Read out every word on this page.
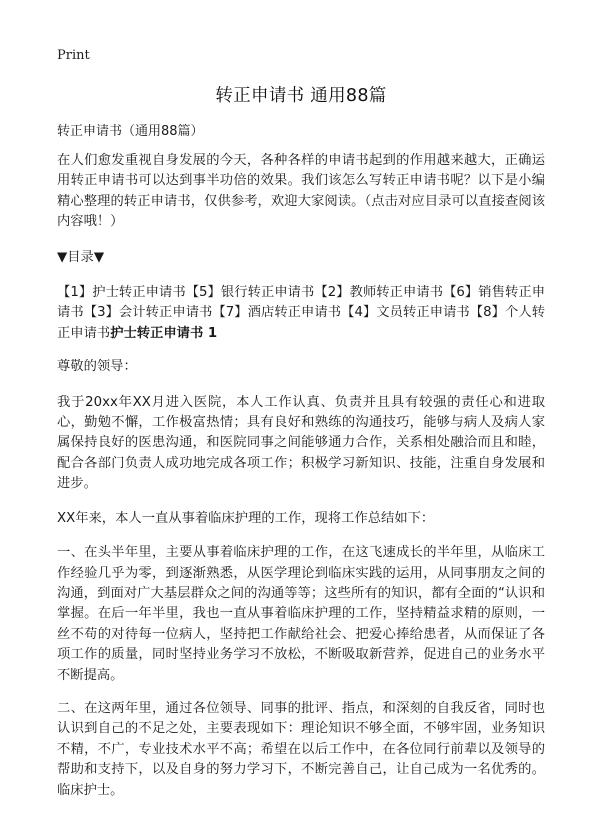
Print
转正申请书 通用88篇
转正申请书（通用88篇）

在人们愈发重视自身发展的今天，各种各样的申请书起到的作用越来越大，正确运用转正申请书可以达到事半功倍的效果。我们该怎么写转正申请书呢？以下是小编精心整理的转正申请书，仅供参考，欢迎大家阅读。（点击对应目录可以直接查阅该内容哦！）

▼目录▼

【1】护士转正申请书【5】银行转正申请书【2】教师转正申请书【6】销售转正申请书【3】会计转正申请书【7】酒店转正申请书【4】文员转正申请书【8】个人转正申请书护士转正申请书 1

尊敬的领导：

我于20xx年XX月进入医院，本人工作认真、负责并且具有较强的责任心和进取心，勤勉不懈，工作极富热情；具有良好和熟练的沟通技巧，能够与病人及病人家属保持良好的医患沟通，和医院同事之间能够通力合作，关系相处融洽而且和睦，配合各部门负责人成功地完成各项工作；积极学习新知识、技能，注重自身发展和进步。

XX年来，本人一直从事着临床护理的工作，现将工作总结如下：

一、在头半年里，主要从事着临床护理的工作，在这飞速成长的半年里，从临床工作经验几乎为零，到逐渐熟悉，从医学理论到临床实践的运用，从同事朋友之间的沟通，到面对广大基层群众之间的沟通等等；这些所有的知识，都有全面的“认识和掌握。在后一年半里，我也一直从事着临床护理的工作，坚持精益求精的原则，一丝不苟的对待每一位病人，坚持把工作献给社会、把爱心捧给患者，从而保证了各项工作的质量，同时坚持业务学习不放松，不断吸取新营养，促进自己的业务水平不断提高。

二、在这两年里，通过各位领导、同事的批评、指点，和深刻的自我反省，同时也认识到自己的不足之处，主要表现如下：理论知识不够全面，不够牢固，业务知识不精，不广，专业技术水平不高；希望在以后工作中，在各位同行前辈以及领导的帮助和支持下，以及自身的努力学习下，不断完善自己，让自己成为一名优秀的。临床护士。
